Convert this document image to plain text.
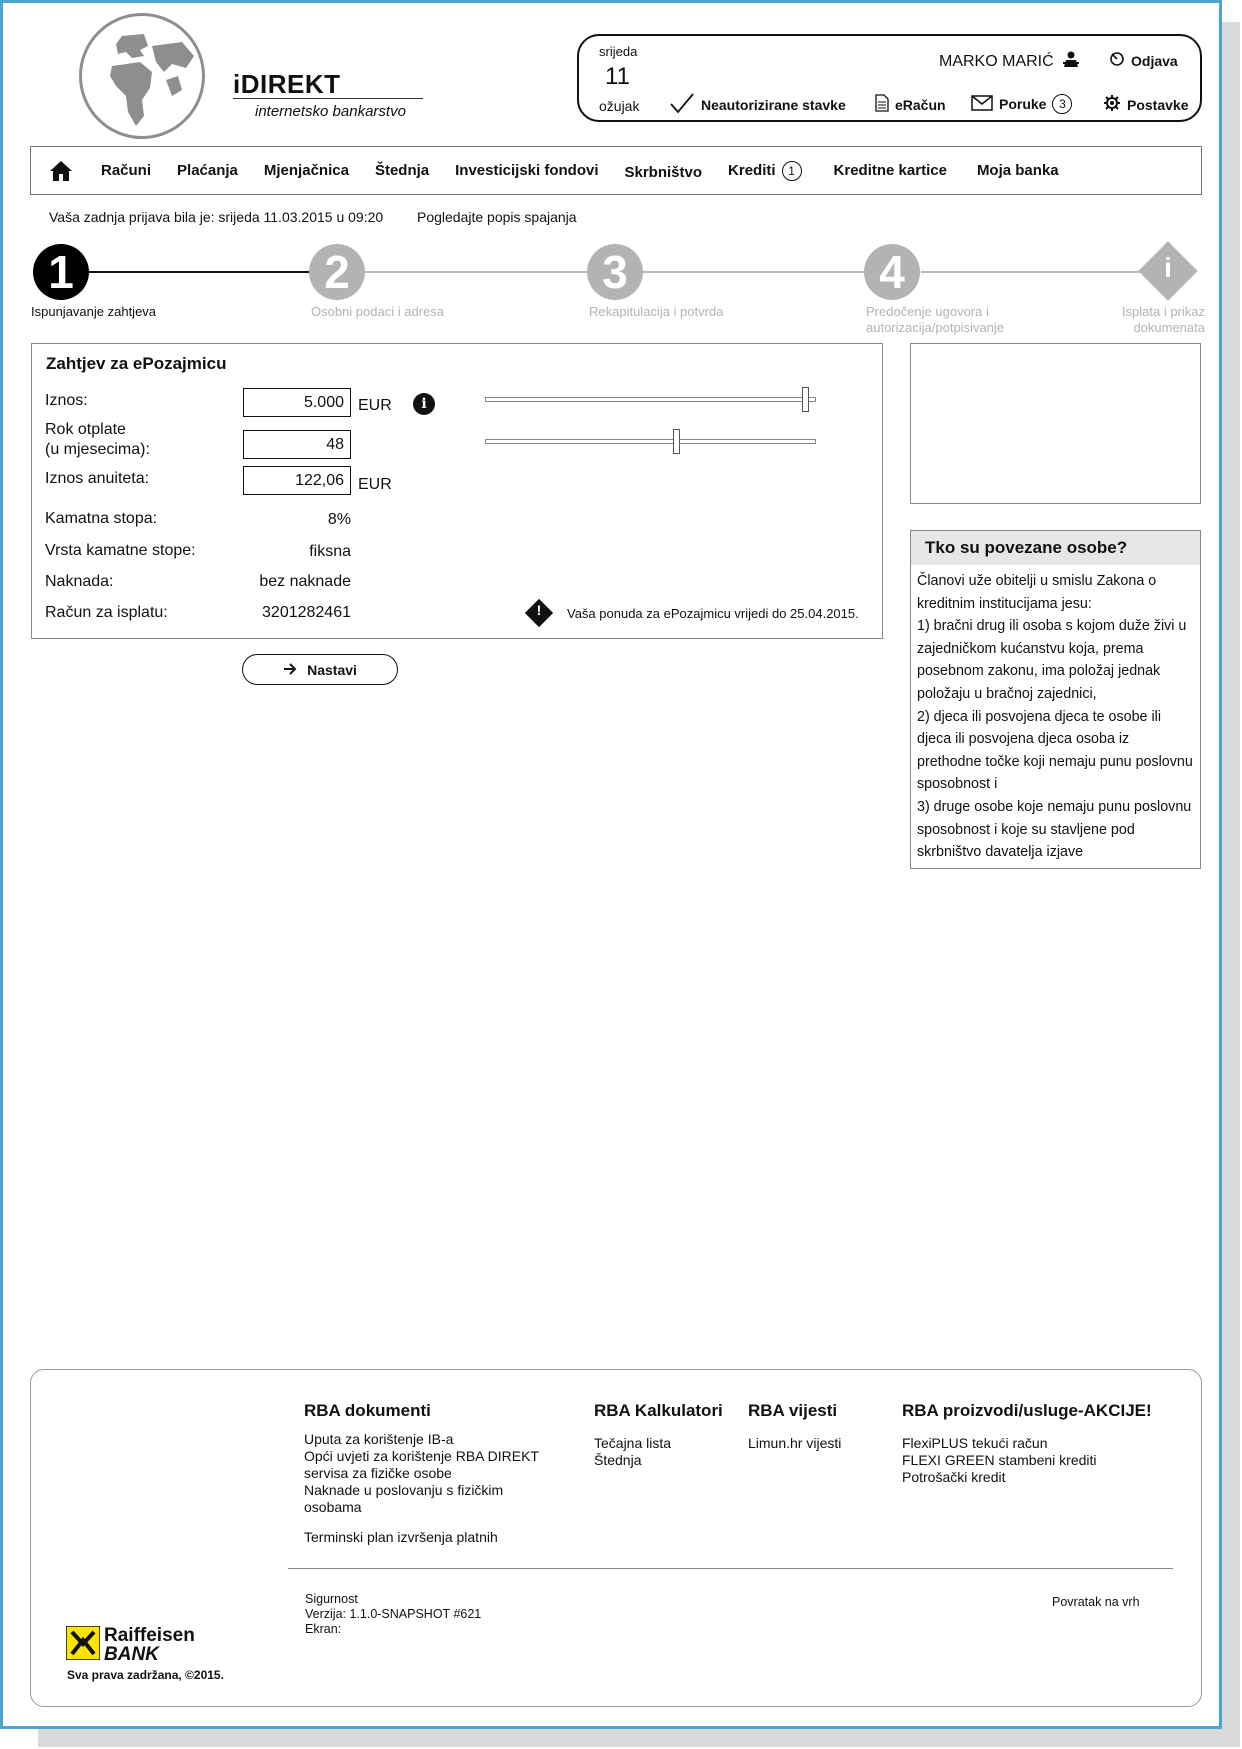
iDIREKT
internetsko bankarstvo
srijeda
11
ožujak
MARKO MARIĆ	Odjava
Neautorizirane stavke	eRačun	Poruke	3	Postavke
Računi Plaćanja Mjenjačnica Štednja Investicijski fondovi Skrbništvo Krediti	1	Kreditne kartice Moja banka
Vaša zadnja prijava bila je: srijeda 11.03.2015 u 09:20 Pogledajte popis spajanja
1	2	3	4	i
Ispunjavanje zahtjeva	Osobni podaci i adresa	Rekapitulacija i potvrda	Predočenje ugovora i autorizacija/potpisivanje
Isplata i prikaz dokumenata
Zahtjev za ePozajmicu
Iznos:	5.000 EUR	i
Rok otplate
(u mjesecima):	48
Iznos anuiteta:	122,06 EUR
Kamatna stopa:	8%
Vrsta kamatne stope:	fiksna
Naknada:	bez naknade
Račun za isplatu:	3201282461	!	Vaša ponuda za ePozajmicu vrijedi do 25.04.2015.
Nastavi
Tko su povezane osobe?
Članovi uže obitelji u smislu Zakona o kreditnim institucijama jesu:
1) bračni drug ili osoba s kojom duže živi u zajedničkom kućanstvu koja, prema posebnom zakonu, ima položaj jednak položaju u bračnoj zajednici,
2) djeca ili posvojena djeca te osobe ili djeca ili posvojena djeca osoba iz prethodne točke koji nemaju punu poslovnu sposobnost i
3) druge osobe koje nemaju punu poslovnu sposobnost i koje su stavljene pod skrbništvo davatelja izjave
RBA dokumenti
Uputa za korištenje IB-a
Opći uvjeti za korištenje RBA DIREKT servisa za fizičke osobe
Naknade u poslovanju s fizičkim osobama
Terminski plan izvršenja platnih
RBA Kalkulatori
Tečajna lista
Štednja
RBA vijesti
Limun.hr vijesti
RBA proizvodi/usluge-AKCIJE!
FlexiPLUS tekući račun
FLEXI GREEN stambeni krediti
Potrošački kredit
Sigurnost
Verzija: 1.1.0-SNAPSHOT #621
Ekran:
Povratak na vrh
Raiffeisen
BANK
Sva prava zadržana, ©2015.
